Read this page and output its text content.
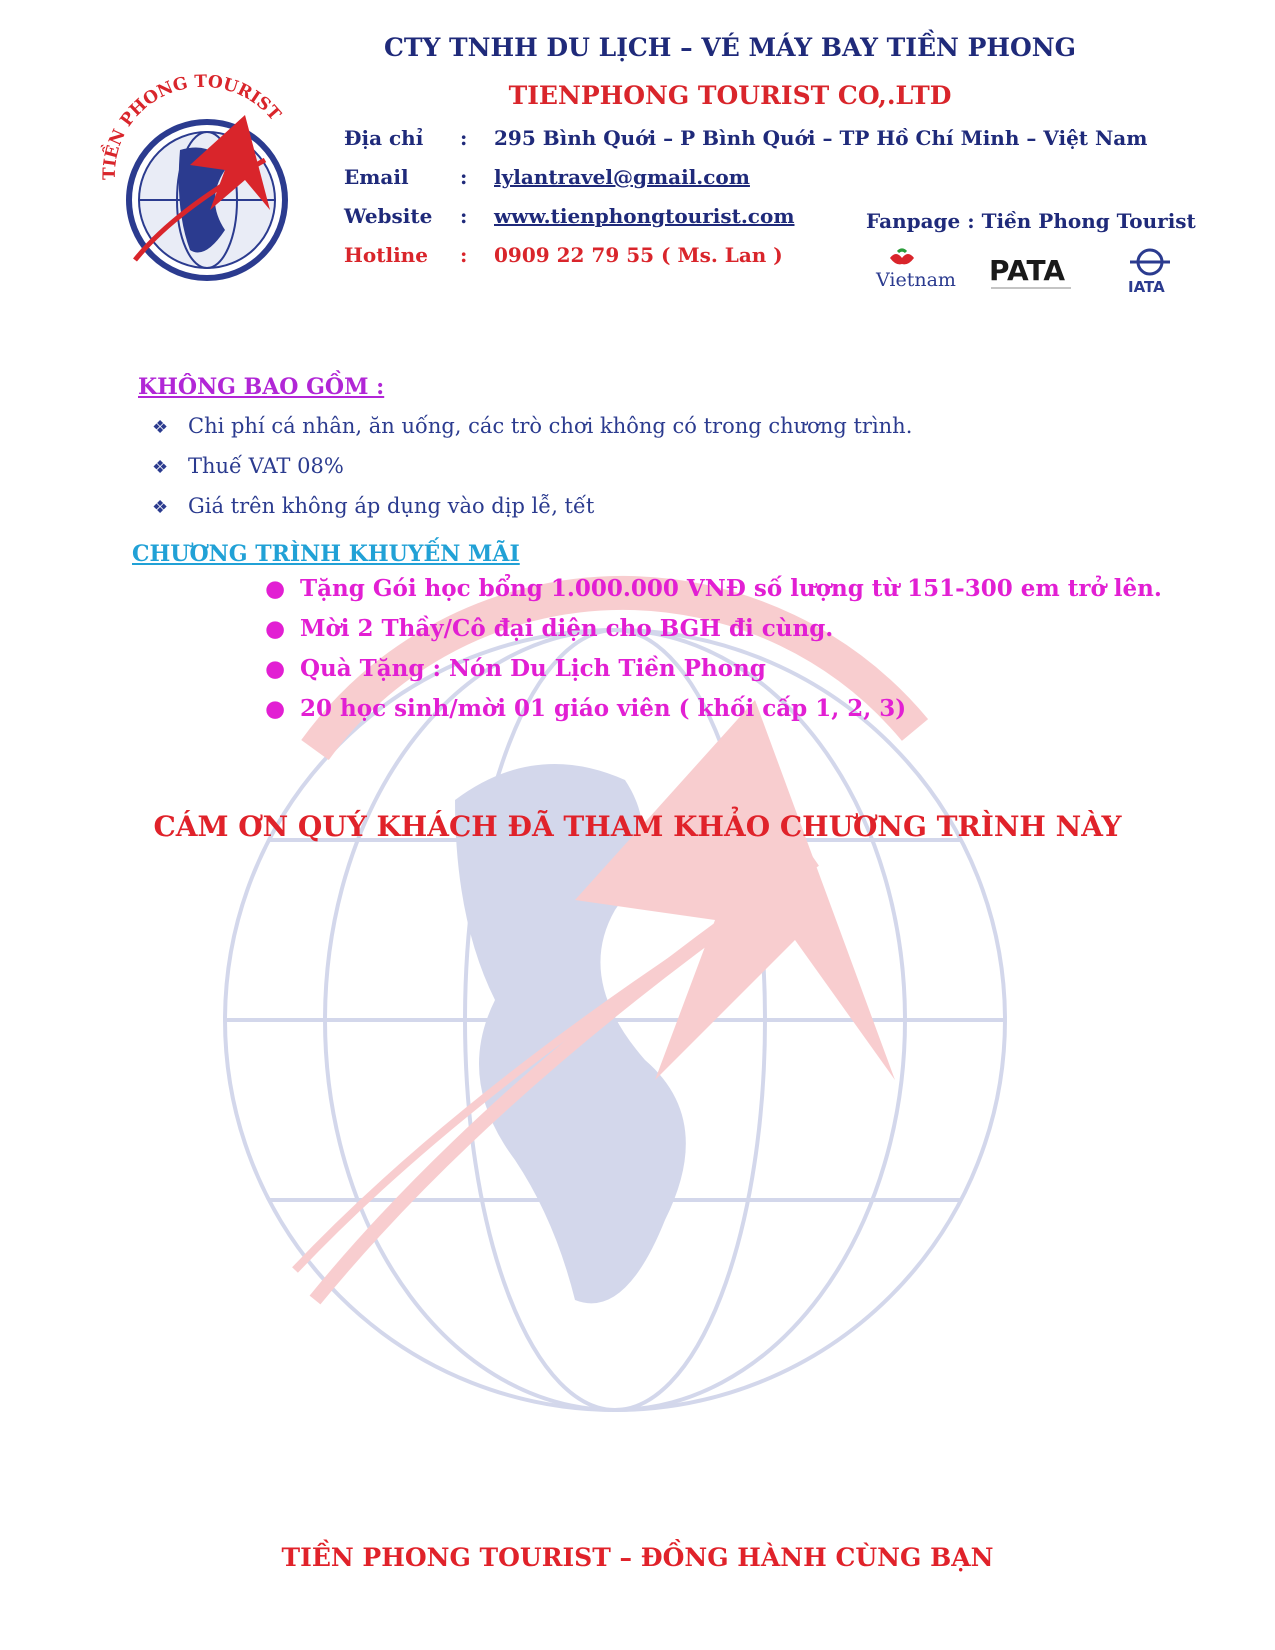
TIỀN PHONG TOURIST
CTY TNHH DU LỊCH – VÉ MÁY BAY TIỀN PHONG
TIENPHONG TOURIST CO,.LTD
Địa chỉ : 295 Bình Quới – P Bình Quới – TP Hồ Chí Minh – Việt Nam
Email	: lylantravel@gmail.com
Website : www.tienphongtourist.com
Hotline : 0909 22 79 55 ( Ms. Lan )
Fanpage : Tiền Phong Tourist
Vietnam PATA	IATA
KHÔNG BAO GỒM :
❖ Chi phí cá nhân, ăn uống, các trò chơi không có trong chương trình.
❖ Thuế VAT 08%
❖ Giá trên không áp dụng vào dịp lễ, tết
CHƯƠNG TRÌNH KHUYẾN MÃI
● Tặng Gói học bổng 1.000.000 VNĐ số lượng từ 151-300 em trở lên.
● Mời 2 Thầy/Cô đại diện cho BGH đi cùng.
● Quà Tặng : Nón Du Lịch Tiền Phong
● 20 học sinh/mời 01 giáo viên ( khối cấp 1, 2, 3)
CÁM ƠN QUÝ KHÁCH ĐÃ THAM KHẢO CHƯƠNG TRÌNH NÀY
TIỀN PHONG TOURIST – ĐỒNG HÀNH CÙNG BẠN
